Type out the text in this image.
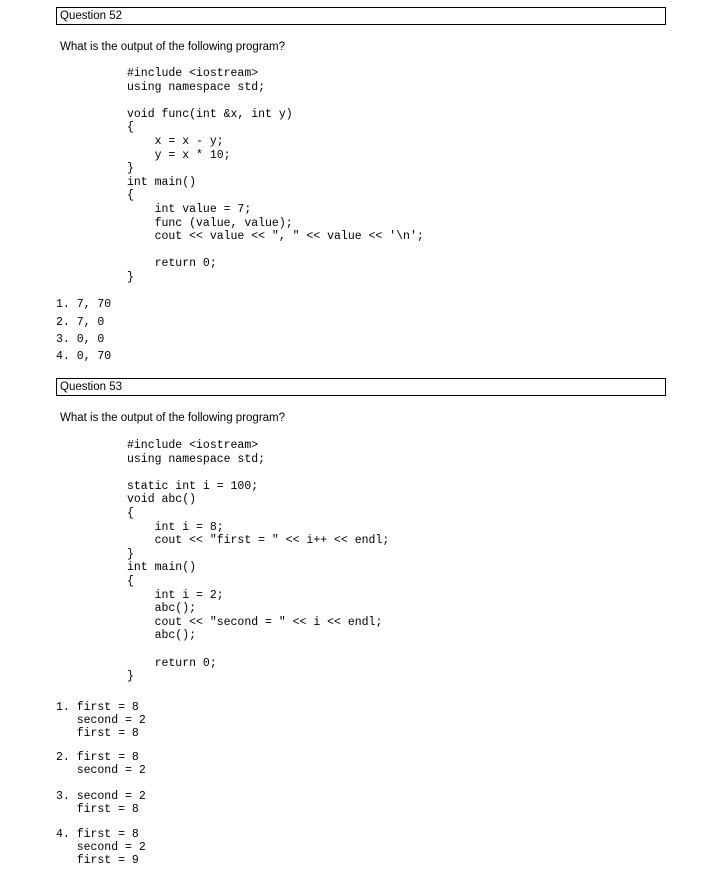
Question 52
What is the output of the following program?
#include <iostream>
using namespace std;

void func(int &x, int y)
{
x = x - y;
y = x * 10;
}
int main()
{
int value = 7;
func (value, value);
cout << value << ", " << value << '\n';

return 0;
}
1. 7, 70
2. 7, 0
3. 0, 0
4. 0, 70
Question 53
What is the output of the following program?
#include <iostream>
using namespace std;

static int i = 100;
void abc()
{
int i = 8;
cout << "first = " << i++ << endl;
}
int main()
{
int i = 2;
abc();
cout << "second = " << i << endl;
abc();

return 0;
}
1. first = 8
second = 2
first = 8
2. first = 8
second = 2
3. second = 2
first = 8
4. first = 8
second = 2
first = 9
